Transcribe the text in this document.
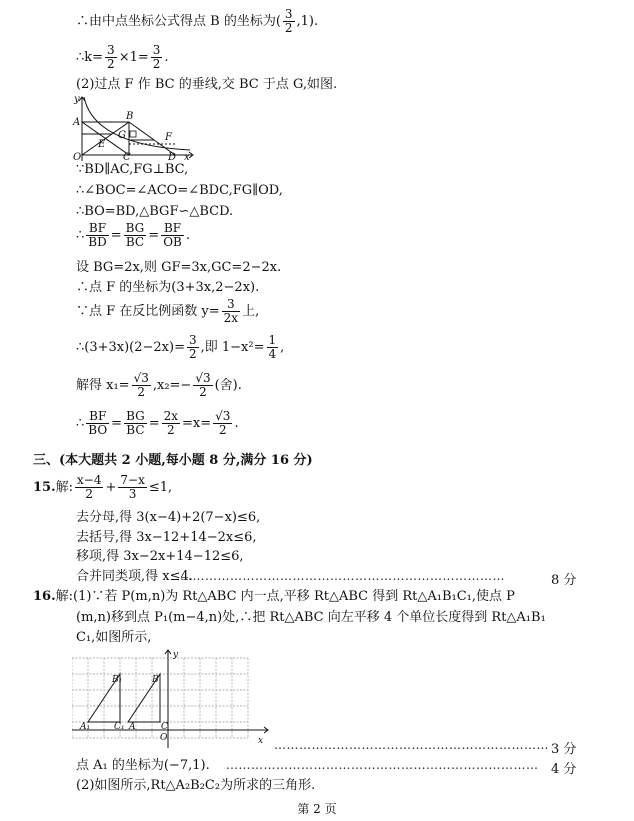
∴由中点坐标公式得点 B 的坐标为( $\frac{3}{2} ,1$).
∴k= $\frac{3}{2} \times 1= \frac{3}{2}$ .
(2)过点 F 作 BC 的垂线,交 BC 于点 G,如图.
y
A
B
G
E
F
O	C	D x
∵BD∥AC,FG⊥BC,
∴∠BOC=∠ACO=∠BDC,FG∥OD,
∴BO=BD,△BGF∽△BCD.
∴ $\frac{BF}{BD} = \frac{BG}{BC} = \frac{BF}{OB}$ .
设 BG=2x,则 GF=3x,GC=2−2x.
∴点 F 的坐标为(3+3x,2−2x).
∵点 F 在反比例函数 $y= \frac{3}{2x}$ 上,
∴(3+3x)(2−2x)= $\frac{3}{2}$ ,即 $1-x^2= \frac{1}{4}$ ,
解得 $x_1= \frac{√3}{2} ,x_2=- \frac{√3}{2}$ (舍).
∴ $\frac{BF}{BO} = \frac{BG}{BC} = \frac{2x}{2} =x= \frac{√3}{2}$ .
三、(本大题共 2 小题,每小题 8 分,满分 16 分)
15.解: $\frac{x-4}{2} + \frac{7-x}{3} \le 1$,
去分母,得 3(x−4)+2(7−x)≤6,
去括号,得 3x−12+14−2x≤6,
移项,得 3x−2x+14−12≤6,
合并同类项,得 x≤4.
……………………………………………………………………	8 分
16.解:(1)∵若 P(m,n)为 Rt△ABC 内一点,平移 Rt△ABC 得到 Rt△A₁B₁C₁,使点 P
(m,n)移到点 P₁(m−4,n)处,∴把 Rt△ABC 向左平移 4 个单位长度得到 Rt△A₁B₁
C₁,如图所示,
y
B₁	B
A₁	C₁ A	C
O	x ………………………………………………………… 3 分
点 A₁ 的坐标为(−7,1). ………………………………………………………………… 4 分
(2)如图所示,Rt△A₂B₂C₂为所求的三角形.
第 2 页
